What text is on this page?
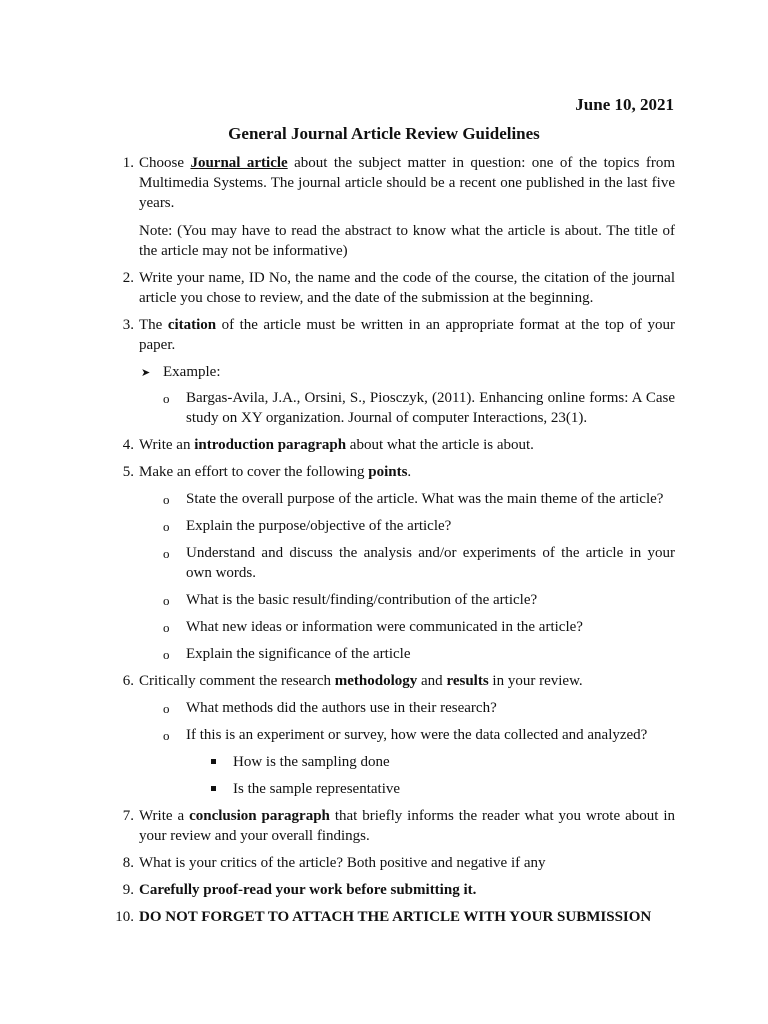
June 10, 2021
General Journal Article Review Guidelines
1. Choose Journal article about the subject matter in question: one of the topics from Multimedia Systems. The journal article should be a recent one published in the last five years.
Note: (You may have to read the abstract to know what the article is about. The title of the article may not be informative)
2. Write your name, ID No, the name and the code of the course, the citation of the journal article you chose to review, and the date of the submission at the beginning.
3. The citation of the article must be written in an appropriate format at the top of your paper.
➤ Example:
o Bargas-Avila, J.A., Orsini, S., Piosczyk, (2011). Enhancing online forms: A Case study on XY organization. Journal of computer Interactions, 23(1).
4. Write an introduction paragraph about what the article is about.
5. Make an effort to cover the following points.
o State the overall purpose of the article. What was the main theme of the article?
o Explain the purpose/objective of the article?
o Understand and discuss the analysis and/or experiments of the article in your own words.
o What is the basic result/finding/contribution of the article?
o What new ideas or information were communicated in the article?
o Explain the significance of the article
6. Critically comment the research methodology and results in your review.
o What methods did the authors use in their research?
o If this is an experiment or survey, how were the data collected and analyzed?
How is the sampling done
Is the sample representative
7. Write a conclusion paragraph that briefly informs the reader what you wrote about in your review and your overall findings.
8. What is your critics of the article? Both positive and negative if any
9. Carefully proof-read your work before submitting it.
10. DO NOT FORGET TO ATTACH THE ARTICLE WITH YOUR SUBMISSION
